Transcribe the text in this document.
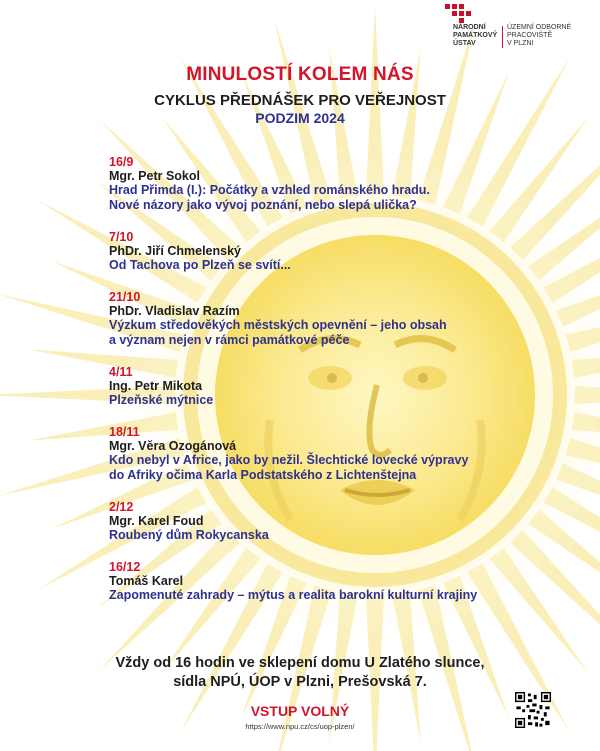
NÁRODNÍ
PAMÁTKOVÝ
ÚSTAV
ÚZEMNÍ ODBORNÉ
PRACOVIŠTĚ
V PLZNI
MINULOSTÍ KOLEM NÁS
CYKLUS PŘEDNÁŠEK PRO VEŘEJNOST
PODZIM 2024
16/9
Mgr. Petr Sokol
Hrad Přimda (I.): Počátky a vzhled románského hradu.
Nové názory jako vývoj poznání, nebo slepá ulička?
7/10
PhDr. Jiří Chmelenský
Od Tachova po Plzeň se svítí...
21/10
PhDr. Vladislav Razím
Výzkum středověkých městských opevnění – jeho obsah
a význam nejen v rámci památkové péče
4/11
Ing. Petr Mikota
Plzeňské mýtnice
18/11
Mgr. Věra Ozogánová
Kdo nebyl v Africe, jako by nežil. Šlechtické lovecké výpravy
do Afriky očima Karla Podstatského z Lichtenštejna
2/12
Mgr. Karel Foud
Roubený dům Rokycanska
16/12
Tomáš Karel
Zapomenuté zahrady – mýtus a realita barokní kulturní krajiny
Vždy od 16 hodin ve sklepení domu U Zlatého slunce,
sídla NPÚ, ÚOP v Plzni, Prešovská 7.
VSTUP VOLNÝ
https://www.npu.cz/cs/uop-plzen/
